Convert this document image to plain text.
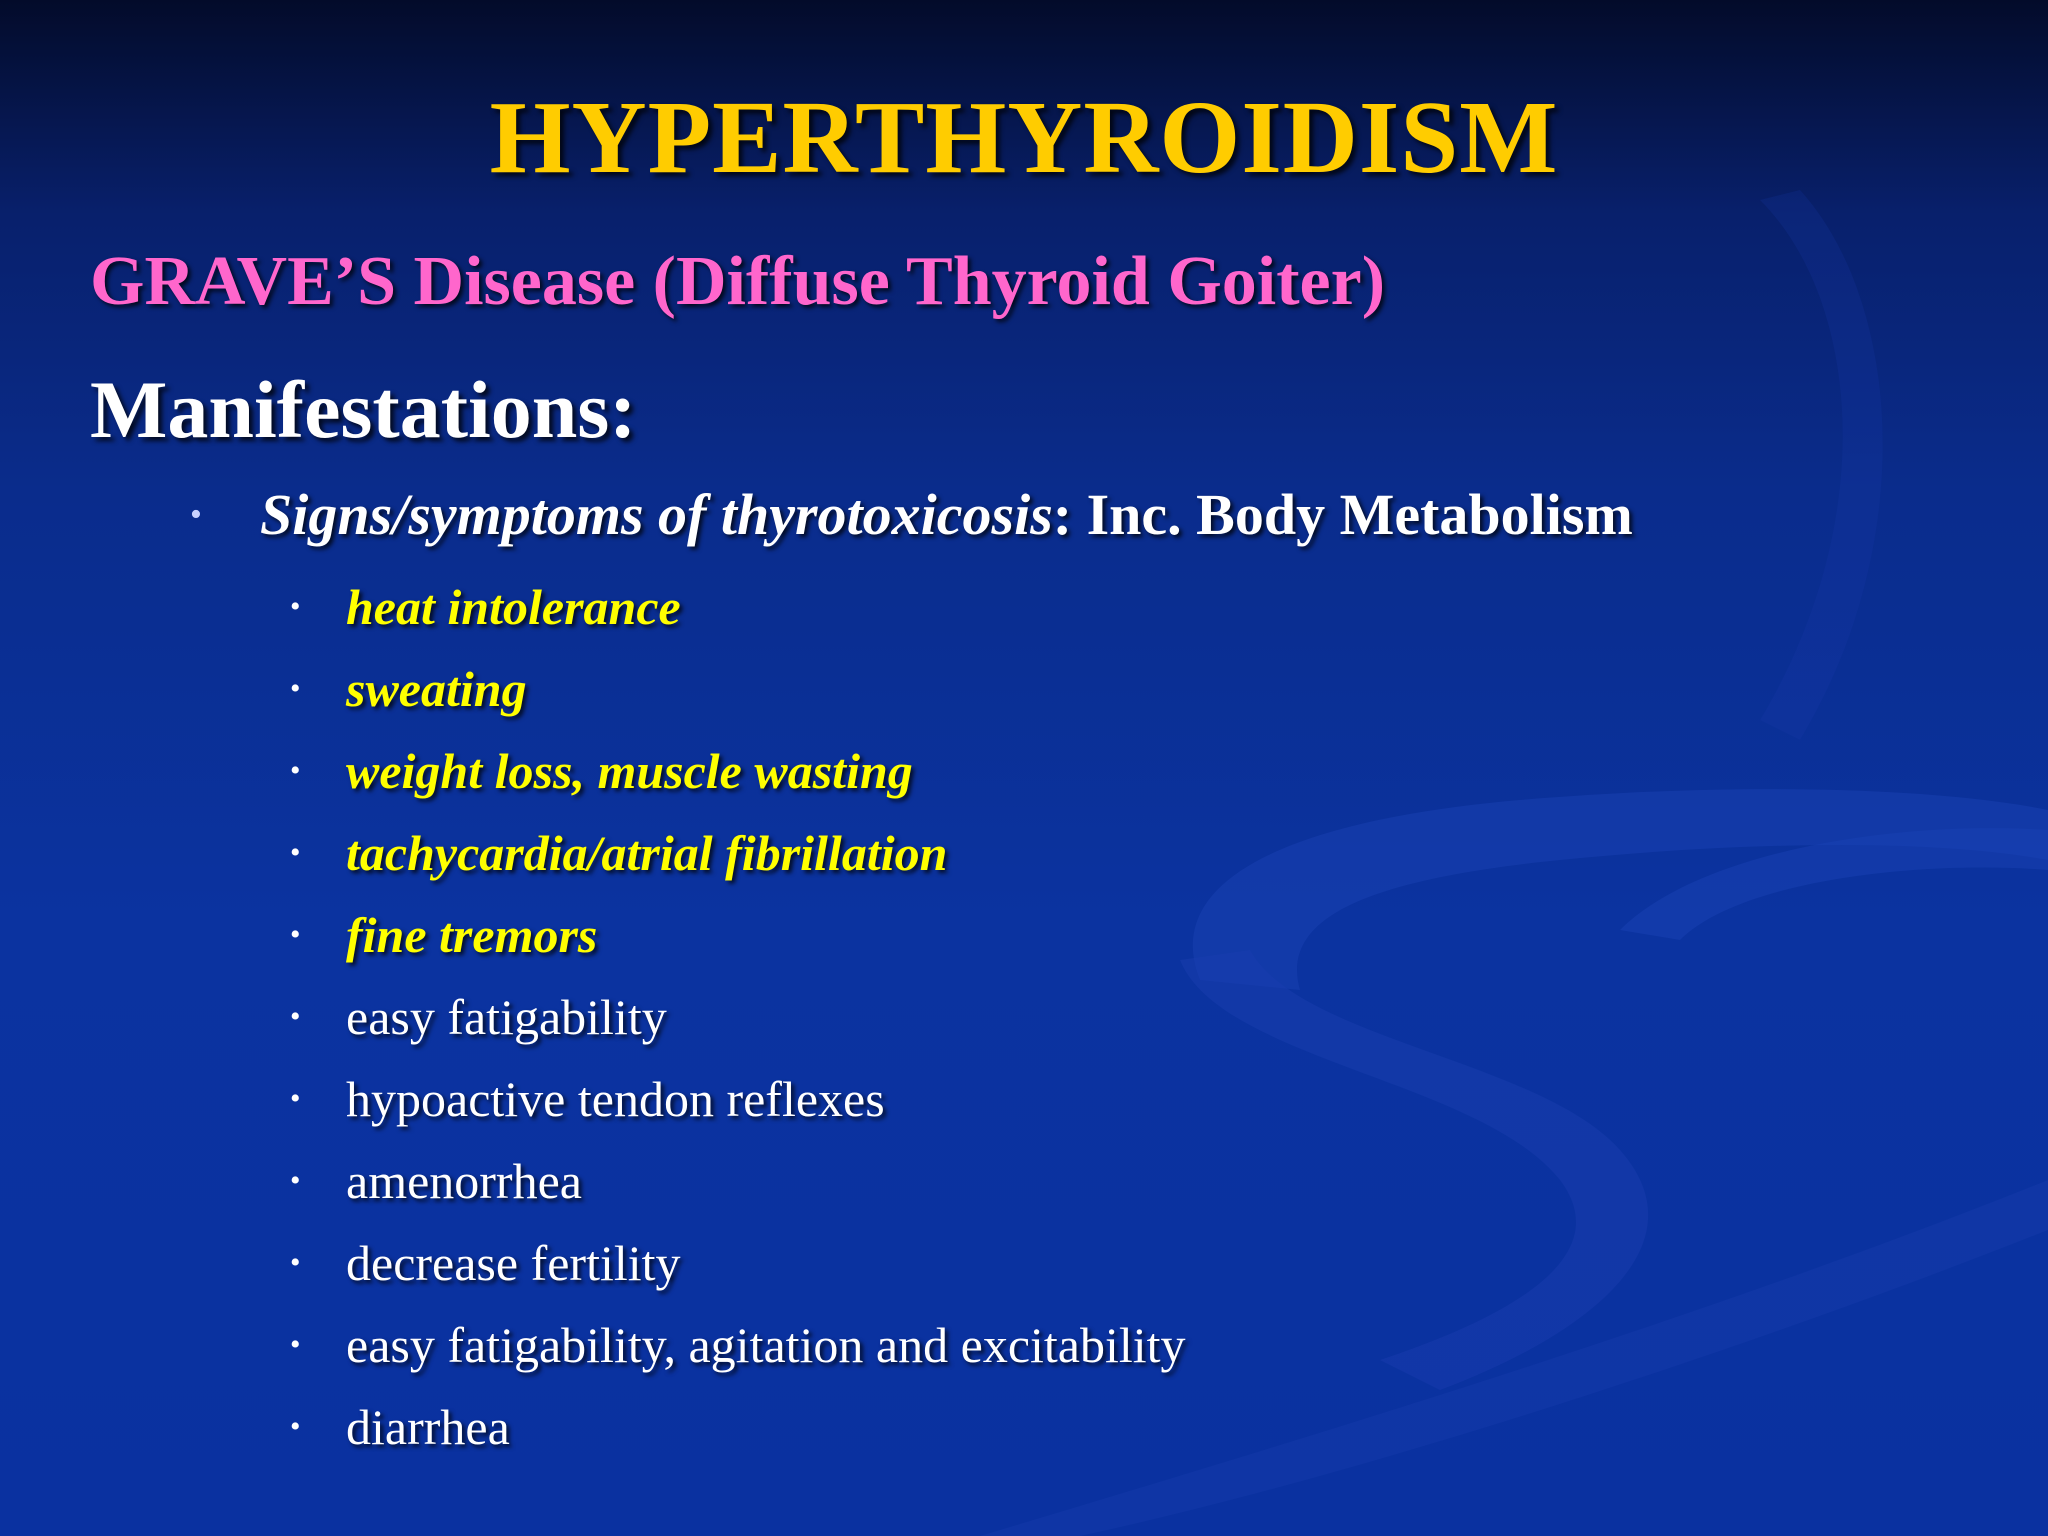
HYPERTHYROIDISM
GRAVE’S Disease (Diffuse Thyroid Goiter)
Manifestations:
• Signs/symptoms of thyrotoxicosis: Inc. Body Metabolism
• heat intolerance
• sweating
• weight loss, muscle wasting
• tachycardia/atrial fibrillation
• fine tremors
• easy fatigability
• hypoactive tendon reflexes
• amenorrhea
• decrease fertility
• easy fatigability, agitation and excitability
• diarrhea
